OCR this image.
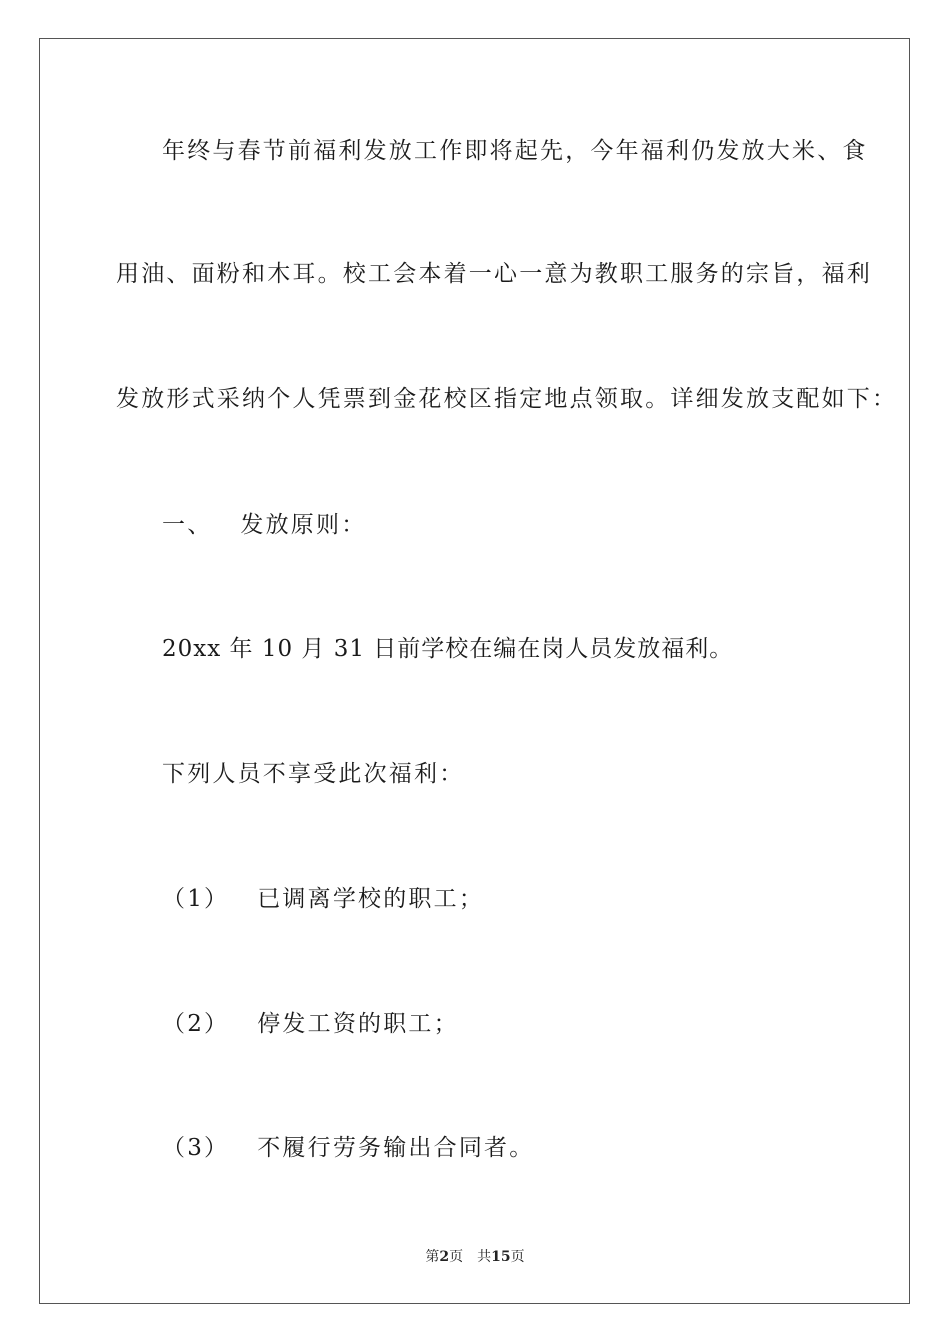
年终与春节前福利发放工作即将起先，今年福利仍发放大米、食
用油、面粉和木耳。校工会本着一心一意为教职工服务的宗旨，福利
发放形式采纳个人凭票到金花校区指定地点领取。详细发放支配如下：
一、 发放原则：
20xx 年 10 月 31 日前学校在编在岗人员发放福利。
下列人员不享受此次福利：
（1） 已调离学校的职工；
（2） 停发工资的职工；
（3） 不履行劳务输出合同者。
第2页 共15页
